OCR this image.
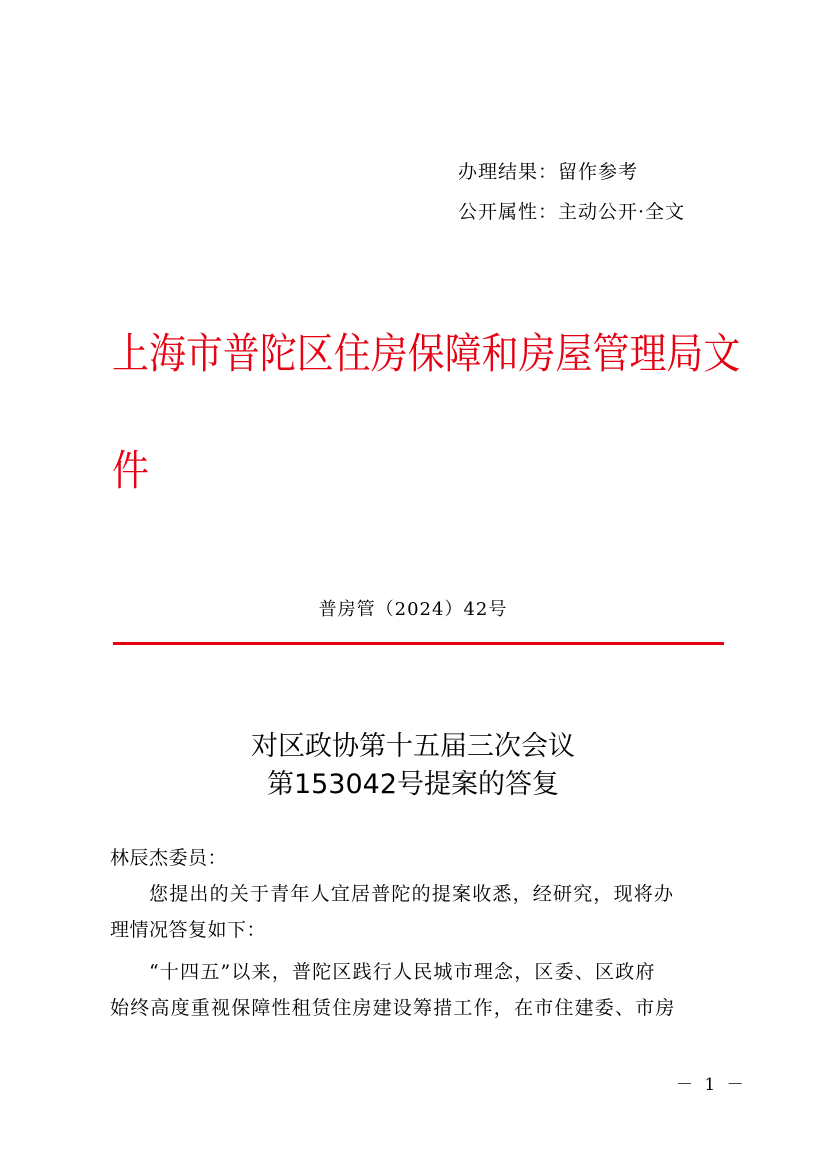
办理结果：留作参考
公开属性：主动公开·全文
上海市普陀区住房保障和房屋管理局文
件
普房管（2024）42号
对区政协第十五届三次会议
第153042号提案的答复
林辰杰委员：
您提出的关于青年人宜居普陀的提案收悉，经研究，现将办
理情况答复如下：
“十四五”以来，普陀区践行人民城市理念，区委、区政府
始终高度重视保障性租赁住房建设筹措工作，在市住建委、市房
－ 1 －
